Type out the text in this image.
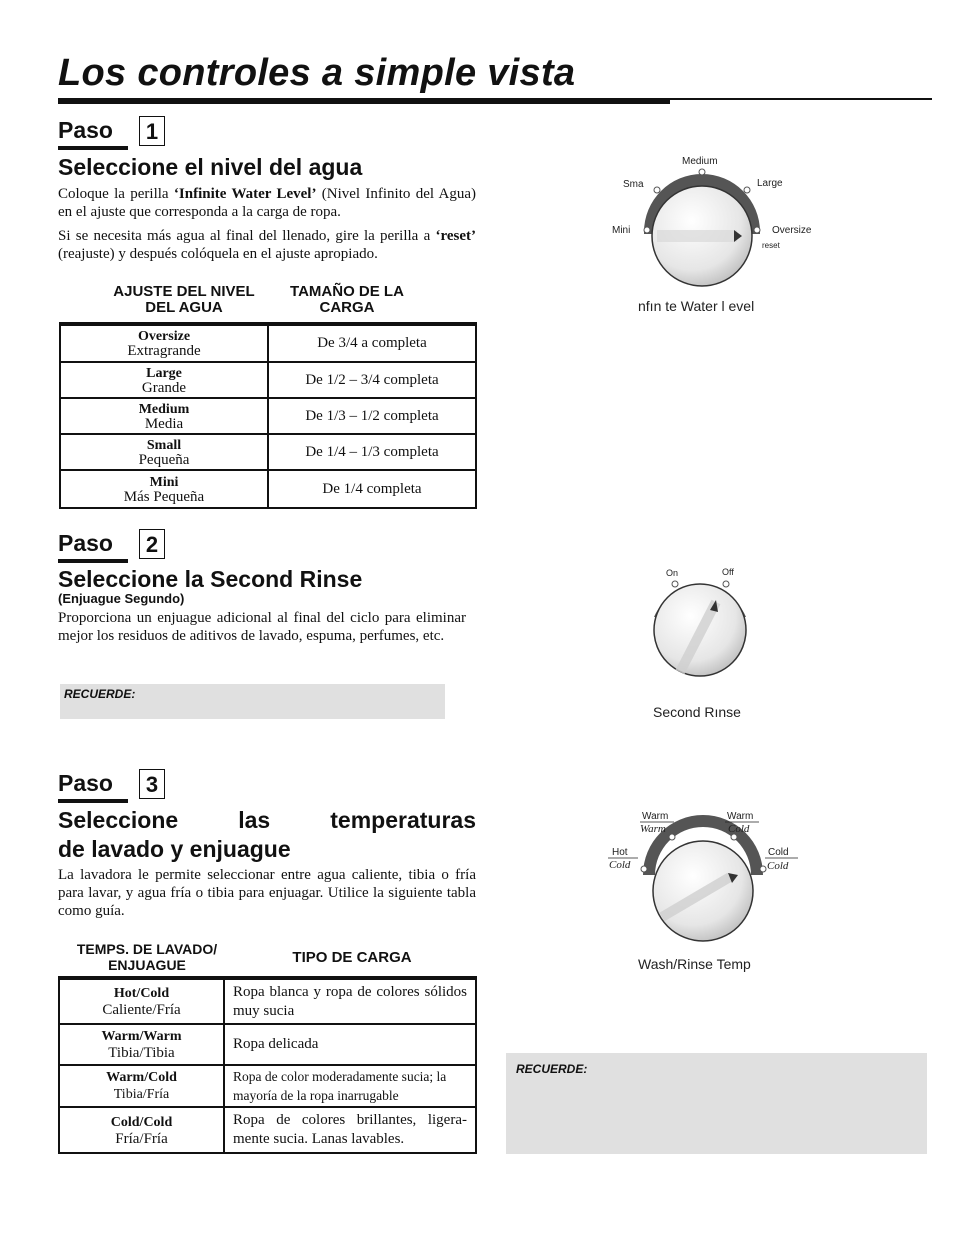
Los controles a simple vista
Paso	1
Seleccione el nivel del agua
Coloque la perilla ‘Infinite Water Level’ (Nivel Infinito del Agua) en el ajuste que corresponda a la carga de ropa.
Si se necesita más agua al final del llenado, gire la perilla a ‘reset’ (reajuste) y después colóquela en el ajuste apropiado.
AJUSTE DEL NIVEL DEL AGUA
TAMAÑO DE LA CARGA
Oversize
Extragrande	De 3/4 a completa
Large
Grande	De 1/2 – 3/4 completa
Medium
Media	De 1/3 – 1/2 completa
Small
Pequeña	De 1/4 – 1/3 completa
Mini
Más Pequeña	De 1/4 completa
Medium
Sma	Large
Mini	Oversize
reset
nfın te Water l evel
Paso	2
Seleccione la Second Rinse
(Enjuague Segundo)
Proporciona un enjuague adicional al final del ciclo para eliminar mejor los residuos de aditivos de lavado, espuma, perfumes, etc.
RECUERDE:
On	Off
Second Rınse
Paso	3
Seleccione las temperaturas
de lavado y enjuague
La lavadora le permite seleccionar entre agua caliente, tibia o fría para lavar, y agua fría o tibia para enjuagar. Utilice la siguiente tabla como guía.
TEMPS. DE LAVADO/ ENJUAGUE	TIPO DE CARGA
Hot/Cold
Caliente/Fría	Ropa blanca y ropa de colores sólidos muy sucia
Warm/Warm
Tibia/Tibia	Ropa delicada
Warm/Cold
Tibia/Fría	Ropa de color moderadamente sucia; la mayoría de la ropa inarrugable
Cold/Cold
Fría/Fría	Ropa de colores brillantes, ligera-mente sucia. Lanas lavables.
Warm
Warm
Warm
Cold
Hot
Cold
Cold
Cold
Wash/Rinse Temp
RECUERDE:
